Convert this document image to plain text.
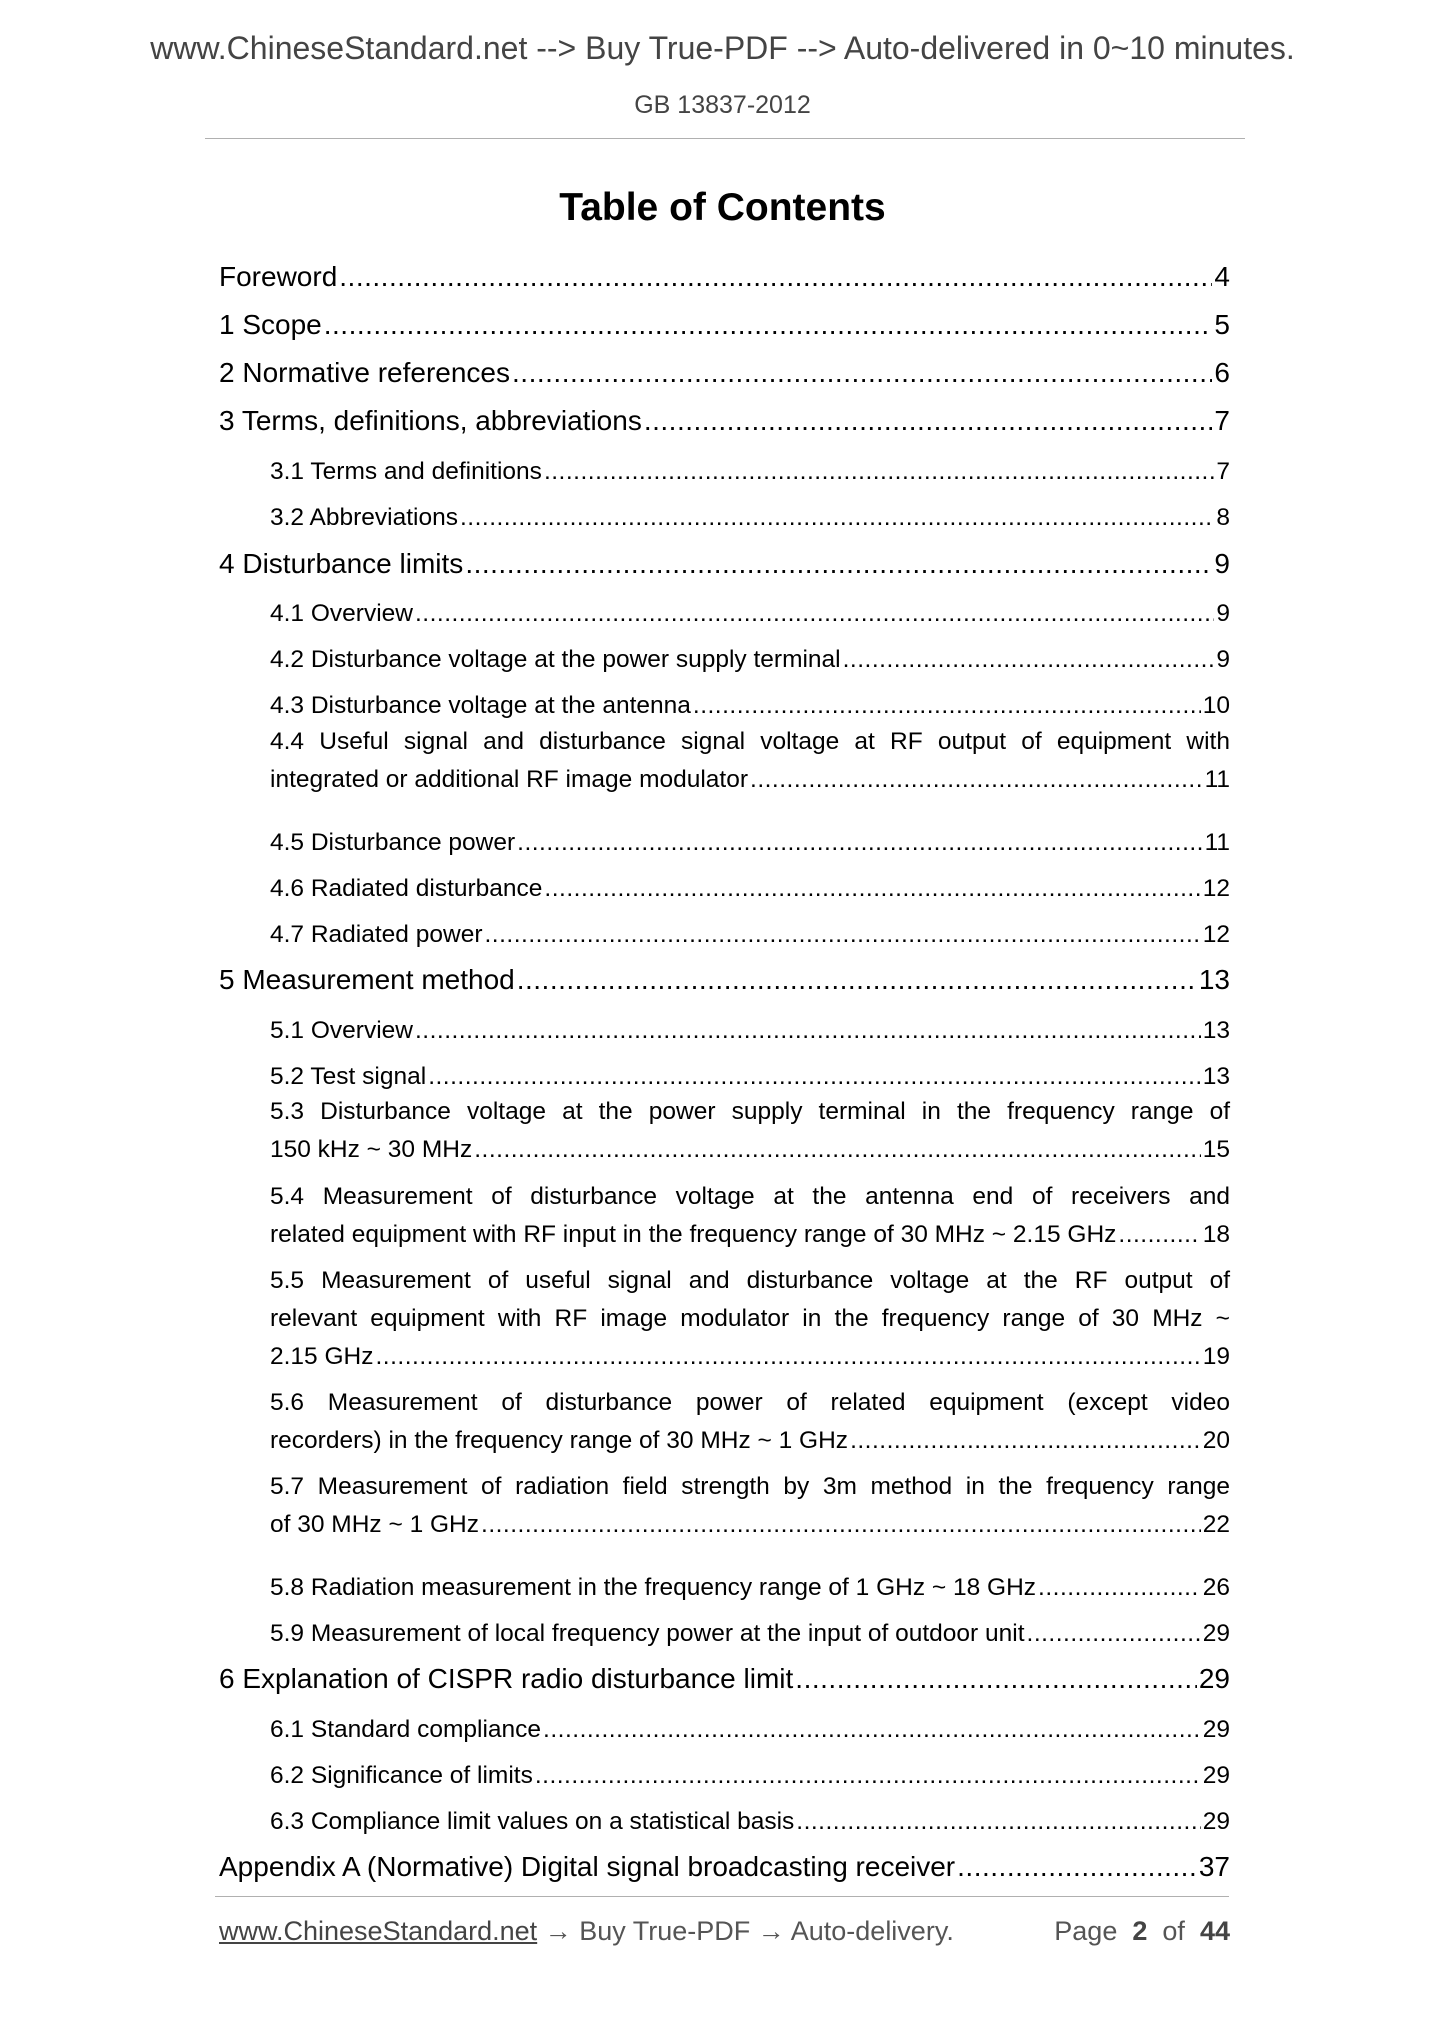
www.ChineseStandard.net --> Buy True-PDF --> Auto-delivered in 0~10 minutes.
GB 13837-2012
Table of Contents
Foreword .....	4
1 Scope .....	5
2 Normative references .....	6
3 Terms, definitions, abbreviations .....	7
3.1 Terms and definitions .....	7
3.2 Abbreviations .....	8
4 Disturbance limits .....	9
4.1 Overview .....	9
4.2 Disturbance voltage at the power supply terminal .....	9
4.3 Disturbance voltage at the antenna .....	10
4.4 Useful signal and disturbance signal voltage at RF output of equipment with
integrated or additional RF image modulator .....	11
4.5 Disturbance power .....	11
4.6 Radiated disturbance .....	12
4.7 Radiated power .....	12
5 Measurement method .....	13
5.1 Overview .....	13
5.2 Test signal .....	13
5.3 Disturbance voltage at the power supply terminal in the frequency range of
150 kHz ~ 30 MHz .....	15
5.4 Measurement of disturbance voltage at the antenna end of receivers and
related equipment with RF input in the frequency range of 30 MHz ~ 2.15 GHz .....	18
5.5 Measurement of useful signal and disturbance voltage at the RF output of
relevant equipment with RF image modulator in the frequency range of 30 MHz ~
2.15 GHz .....	19
5.6 Measurement of disturbance power of related equipment (except video
recorders) in the frequency range of 30 MHz ~ 1 GHz .....	20
5.7 Measurement of radiation field strength by 3m method in the frequency range
of 30 MHz ~ 1 GHz .....	22
5.8 Radiation measurement in the frequency range of 1 GHz ~ 18 GHz .....	26
5.9 Measurement of local frequency power at the input of outdoor unit .....	29
6 Explanation of CISPR radio disturbance limit .....	29
6.1 Standard compliance .....	29
6.2 Significance of limits .....	29
6.3 Compliance limit values on a statistical basis .....	29
Appendix A (Normative) Digital signal broadcasting receiver .....	37
www.ChineseStandard.net → Buy True-PDF → Auto-delivery.	Page 2 of 44
